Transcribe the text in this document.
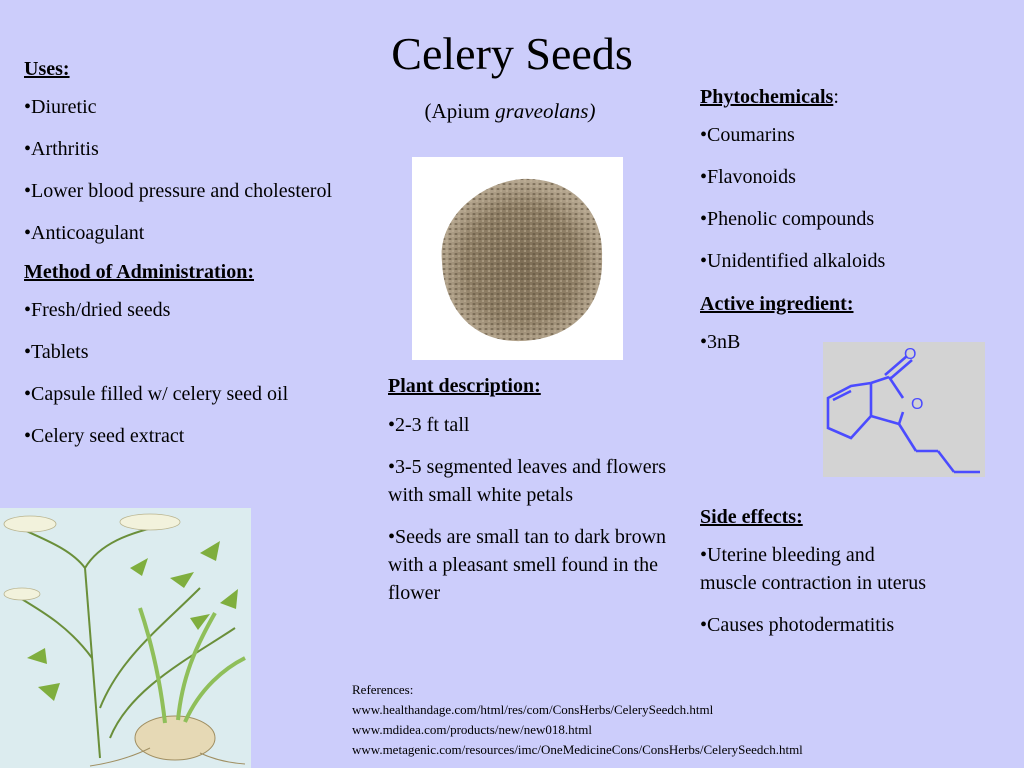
Celery Seeds
(Apium graveolans)
Uses:

•Diuretic

•Arthritis

•Lower blood pressure and cholesterol

•Anticoagulant

Method of Administration:

•Fresh/dried seeds

•Tablets

•Capsule filled w/ celery seed oil

•Celery seed extract

Plant description:

•2-3 ft tall

•3-5 segmented leaves and flowers with small white petals

•Seeds are small tan to dark brown with a pleasant smell found in the flower

Phytochemicals:

•Coumarins

•Flavonoids

•Phenolic compounds

•Unidentified alkaloids

Active ingredient:

•3nB

O
O
Side effects:

•Uterine bleeding and muscle contraction in uterus

•Causes photodermatitis

References:
www.healthandage.com/html/res/com/ConsHerbs/CelerySeedch.html
www.mdidea.com/products/new/new018.html
www.metagenic.com/resources/imc/OneMedicineCons/ConsHerbs/CelerySeedch.html
